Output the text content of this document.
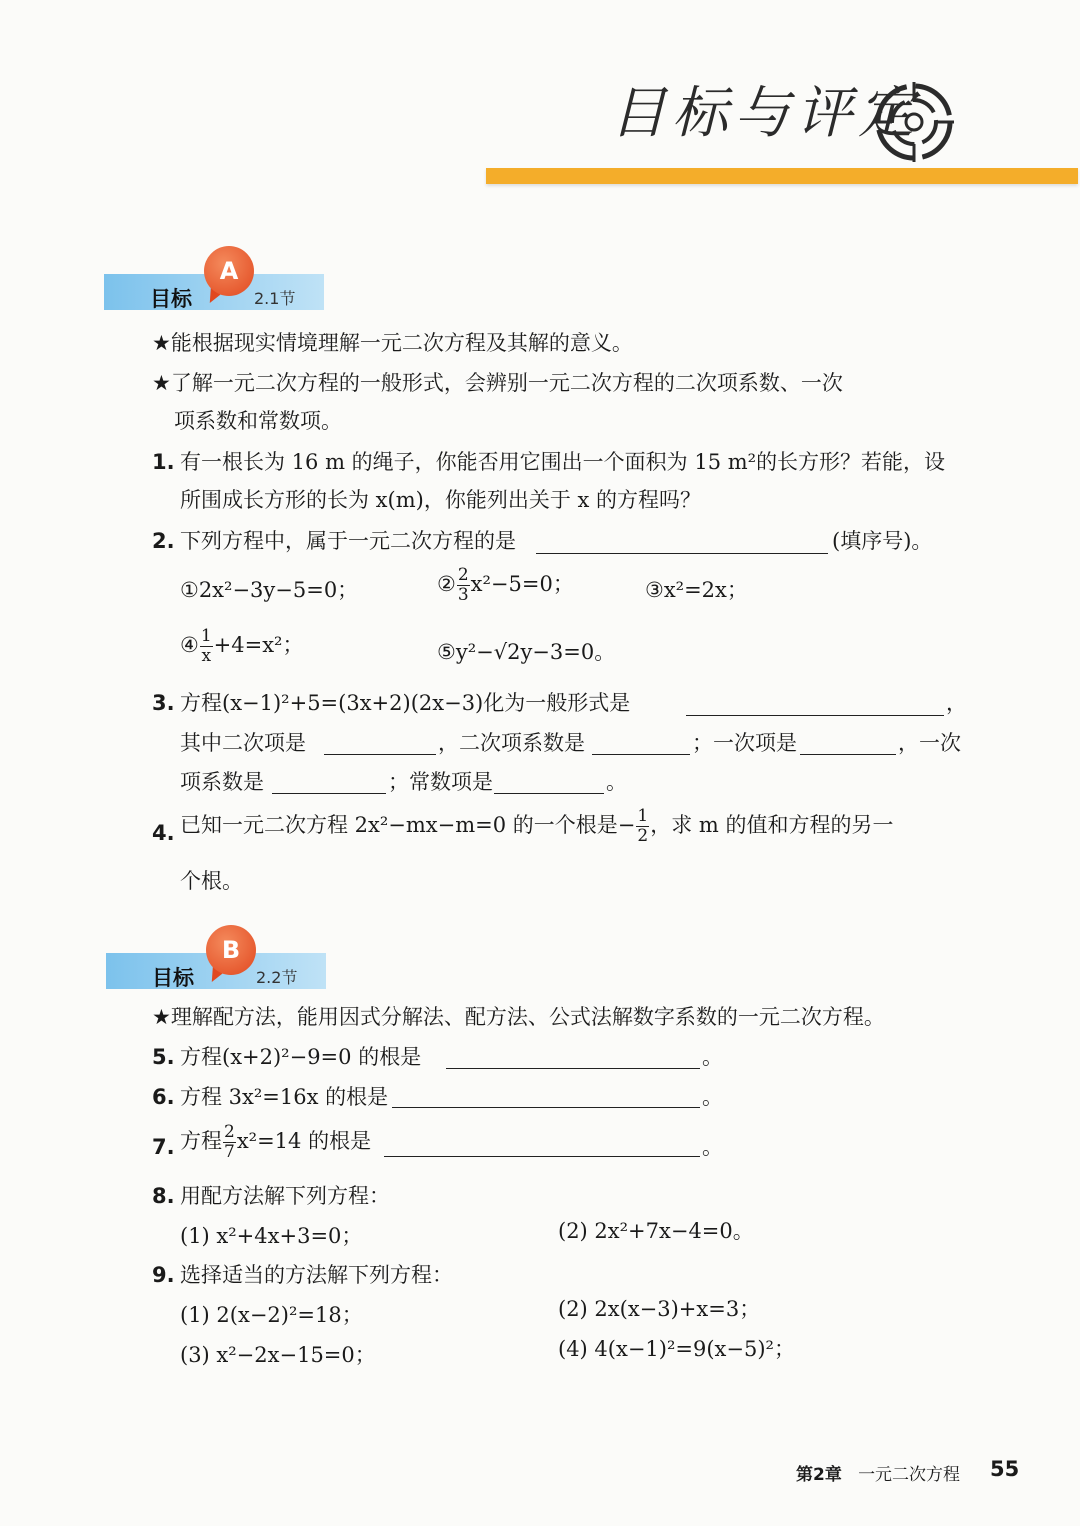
目标与评定
目标
A
2.1节
★能根据现实情境理解一元二次方程及其解的意义。
★了解一元二次方程的一般形式，会辨别一元二次方程的二次项系数、一次
项系数和常数项。
1. 有一根长为 16 m 的绳子，你能否用它围出一个面积为 15 m²的长方形？若能，设
所围成长方形的长为 x(m)，你能列出关于 x 的方程吗？
2. 下列方程中，属于一元二次方程的是	(填序号)。
①2x²−3y−5=0；	② $\frac{2}{3} x^2-5=0$；	③x²=2x；
④ $\frac{1}{x} +4=x^2$；	⑤y²−√2y−3=0。
3. 方程(x−1)²+5=(3x+2)(2x−3)化为一般形式是	，
其中二次项是	，二次项系数是	；一次项是	，一次
项系数是	；常数项是	。
4. 已知一元二次方程 2x²−mx−m=0 的一个根是− $\frac{1}{2}$ ，求 m 的值和方程的另一
个根。
目标
B
2.2节
★理解配方法，能用因式分解法、配方法、公式法解数字系数的一元二次方程。
5. 方程(x+2)²−9=0 的根是	。
6. 方程 3x²=16x 的根是	。
7. 方程 $\frac{2}{7} x^2=14$ 的根是	。
8. 用配方法解下列方程：
(1) x²+4x+3=0；	(2) 2x²+7x−4=0。
9. 选择适当的方法解下列方程：
(1) 2(x−2)²=18；	(2) 2x(x−3)+x=3；
(3) x²−2x−15=0；	(4) 4(x−1)²=9(x−5)²；
第2章 一元二次方程 55
